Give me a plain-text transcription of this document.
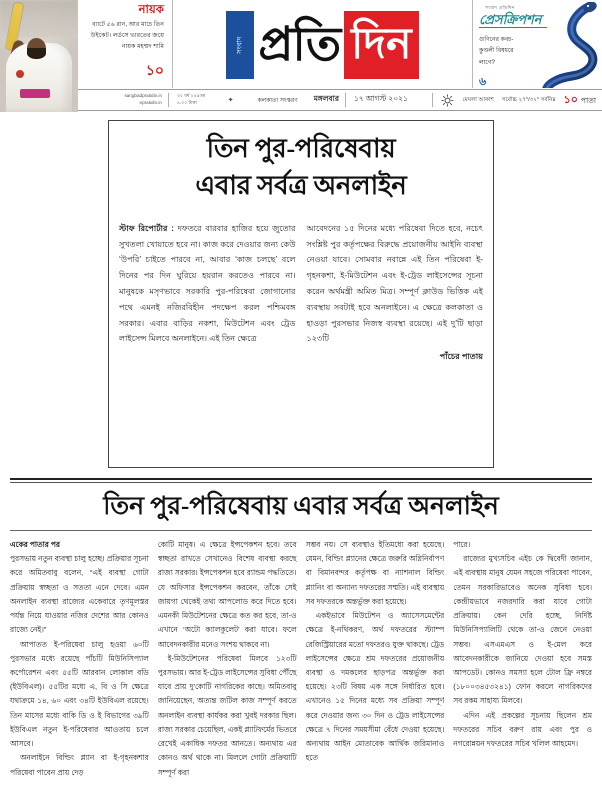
নায়ক
ব্যাটে ৫৬ রান, আর মাচে তিন উইকেট। লর্ডসে ভারতের জয়ে নায়ক মহম্মদ শামি
১০
সংবাদ প্রতি দিন
সংবাদ প্রতিদিন
প্রেসক্রিপশন
গুণিনের কবচ-কুণ্ডলী বিষধরে লাগে?
৬
sangbadpratidin.in
epratidin.in
৩২ বর্ষ ২৪৯তম
৪.০০ টাকা	✦	কলকাতা সংস্করণ	মঙ্গলবার	১৭ আগস্ট ২০২১	মেঘলা আকাশ সর্বোচ্চ ২৭°/৩২° সর্বনিম্ন ১০ পাতা
তিন পুর-পরিষেবায়
এবার সর্বত্র অনলাইন
স্টাফ রিপোর্টার : দফতরে বারবার হাজির হয়ে জুতোর সুখতলা খোয়াতে হবে না। কাজ করে দেওয়ার জন্য কেউ ‘উপরি’ চাইতে পারবে না, আবার ‘কাজ চলছে’ বলে দিনের পর দিন ঘুরিয়ে হয়রান করতেও পারবে না। মানুষকে মসৃণভাবে সরকারি পুর-পরিষেবা জোগানোর পথে এমনই নজিরবিহীন পদক্ষেপ করল পশ্চিমবঙ্গ সরকার। এবার বাড়ির নকশা, মিউটেশন এবং ট্রেড লাইসেন্স মিলবে অনলাইনে। এই তিন ক্ষেত্রে
আবেদনের ১৫ দিনের মধ্যে পরিষেবা দিতে হবে, নচেৎ সংশ্লিষ্ট পুর কর্তৃপক্ষের বিরুদ্ধে প্রয়োজনীয় আইনি ব্যবস্থা নেওয়া যাবে। সোমবার নবান্নে এই তিন পরিষেবা ই-গৃহনকশা, ই-মিউটেশন এবং ই-ট্রেড লাইসেন্সের সূচনা করেন অর্থমন্ত্রী অমিত মিত্র। সম্পূর্ণ ক্লাউড ভিত্তিক এই ব্যবস্থায় সবটাই হবে অনলাইনে। এ ক্ষেত্রে কলকাতা ও হাওড়া পুরসভার নিজস্ব ব্যবস্থা রয়েছে। এই দু’টি ছাড়া ১২৩টি
পাঁচের পাতায়
তিন পুর-পরিষেবায় এবার সর্বত্র অনলাইন
একের পাতার পর
পুরসভায় নতুন ব্যবস্থা চালু হচ্ছে। প্রক্রিয়ার সূচনা করে অমিতবাবু বলেন, “এই ব্যবস্থা গোটা প্রক্রিয়ায় স্বচ্ছতা ও সততা এনে দেবে। এমন অনলাইন ব্যবস্থা রাজ্যের একেবারে তৃণমূলস্তর পর্যন্ত নিয়ে যাওয়ার নজির দেশের আর কোনও রাজ্যে নেই।”
আপাতত ই-পরিষেবা চালু হওয়া ৬০টি পুরসভার মধ্যে রয়েছে পাঁচটি মিউনিসিপ্যাল কর্পোরেশন এবং ৫৫টি আরবান লোকাল বডি (ইউবিএল)। ৫৫টির মধ্যে এ, বি ও সি ক্ষেত্রে যথাক্রমে ১৪, ৬০ এবং ৩৪টি ইউবিএল রয়েছে। তিন মাসের মধ্যে বাকি ডি ও ই বিভাগের ৩৯টি ইউবিএল নতুন ই-পরিষেবার আওতায় চলে আসবে।
অনলাইনে বিল্ডিং প্ল্যান বা ই-গৃহনকশার পরিষেবা পাবেন প্রায় দেড়
কোটি মানুষ। এ ক্ষেত্রে ইন্সপেকশন হবে। তবে স্বচ্ছতা রাখতে সেখানেও বিশেষ ব্যবস্থা করছে রাজ্য সরকার। ইন্সপেকশন হবে র‌্যান্ডম পদ্ধতিতে। যে অফিসার ইন্সপেকশন করবেন, তাঁকে সেই জায়গা থেকেই তথ্য আপলোড করে দিতে হবে। এমনকী মিউটেশনের ক্ষেত্রে কত কর হবে, তা-ও এখানে ‘অটো ক্যালকুলেট’ করা যাবে। ফলে আবেদনকারীর মনেও সংশয় থাকবে না।
ই-মিউটেশনের পরিষেবা মিলবে ১২৩টি পুরসভায়। আর ই-ট্রেড লাইসেন্সের সুবিধা পৌঁছে যাবে প্রায় দু’কোটি নাগরিকের কাছে। অমিতবাবু জানিয়েছেন, অত্যন্ত জটিল কাজ সম্পূর্ণ করতে অনলাইন ব্যবস্থা কার্যকর করা খুবই দরকার ছিল। রাজ্য সরকার চেয়েছিল, একই প্ল্যাটফর্মের ভিতরে রেখেই একাধিক দফতর আনতে। অন্যথায় এর কোনও অর্থ থাকে না। মিললে গোটা প্রক্রিয়াটি সম্পূর্ণ করা
সম্ভব নয়। সে ব্যবস্থাও ইতিমধ্যে করা হয়েছে। যেমন, বিল্ডিং প্ল্যানের ক্ষেত্রে জরুরি অগ্নিনির্বাপণ বা বিমানবন্দর কর্তৃপক্ষ বা ন্যাশনাল বিল্ডিং প্ল্যানিং বা অন্যান্য দফতরের সম্মতি। এই ব্যবস্থায় সব দফতরকে অন্তর্ভুক্ত করা হয়েছে।
একইভাবে মিউটেশন ও অ্যাসেসমেন্টের ক্ষেত্রে ই-নথিকরণ, অর্থ দফতরের স্ট্যাম্প রেজিস্ট্রিয়ারের মতো দফতরও যুক্ত থাকছে। ট্রেড লাইসেন্সের ক্ষেত্রে শ্রম দফতরের প্রয়োজনীয় ব্যবস্থা ও দমকলের ছাড়পত্র অন্তর্ভুক্ত করা হয়েছে। ২৩টি বিষয় এক সঙ্গে নির্ধারিত হবে। এখানেও ১৫ দিনের মধ্যে সব প্রক্রিয়া সম্পূর্ণ করে দেওয়ার জন্য ৩০ দিন ও ট্রেড লাইসেন্সের ক্ষেত্রে ৭ দিনের সময়সীমা বেঁধে দেওয়া হয়েছে। অন্যথায় আইন মোতাবেক আর্থিক জরিমানাও হতে
পারে।
রাজ্যের মুখ্যসচিব এইচ কে দ্বিবেদী জানান, এই ব্যবস্থায় মানুষ যেমন সহজে পরিষেবা পাবেন, তেমন সরকারিভাবেও অনেক সুবিধা হবে। কেন্দ্রীয়ভাবে নজরদারি করা যাবে গোটা প্রক্রিয়ায়। কেন দেরি হচ্ছে, নির্দিষ্ট মিউনিসিপ্যালিটি থেকে তা-ও জেনে নেওয়া সম্ভব। এসএমএস ও ই-মেল করে আবেদনকারীকে জানিয়ে দেওয়া হবে সমস্ত আপডেট। কোনও সমস্যা হলে টোল ফ্রি নম্বরে (১৮০০৩৪৫৩২৪১) ফোন করলে নাগরিকদের সব রকম সাহায্য মিলবে।
এদিন এই প্রকল্পের সূচনায় ছিলেন শ্রম দফতরের সচিব বরুণ রায় এবং পুর ও নগরোন্নয়ন দফতরের সচিব খলিল আহমেদ।
